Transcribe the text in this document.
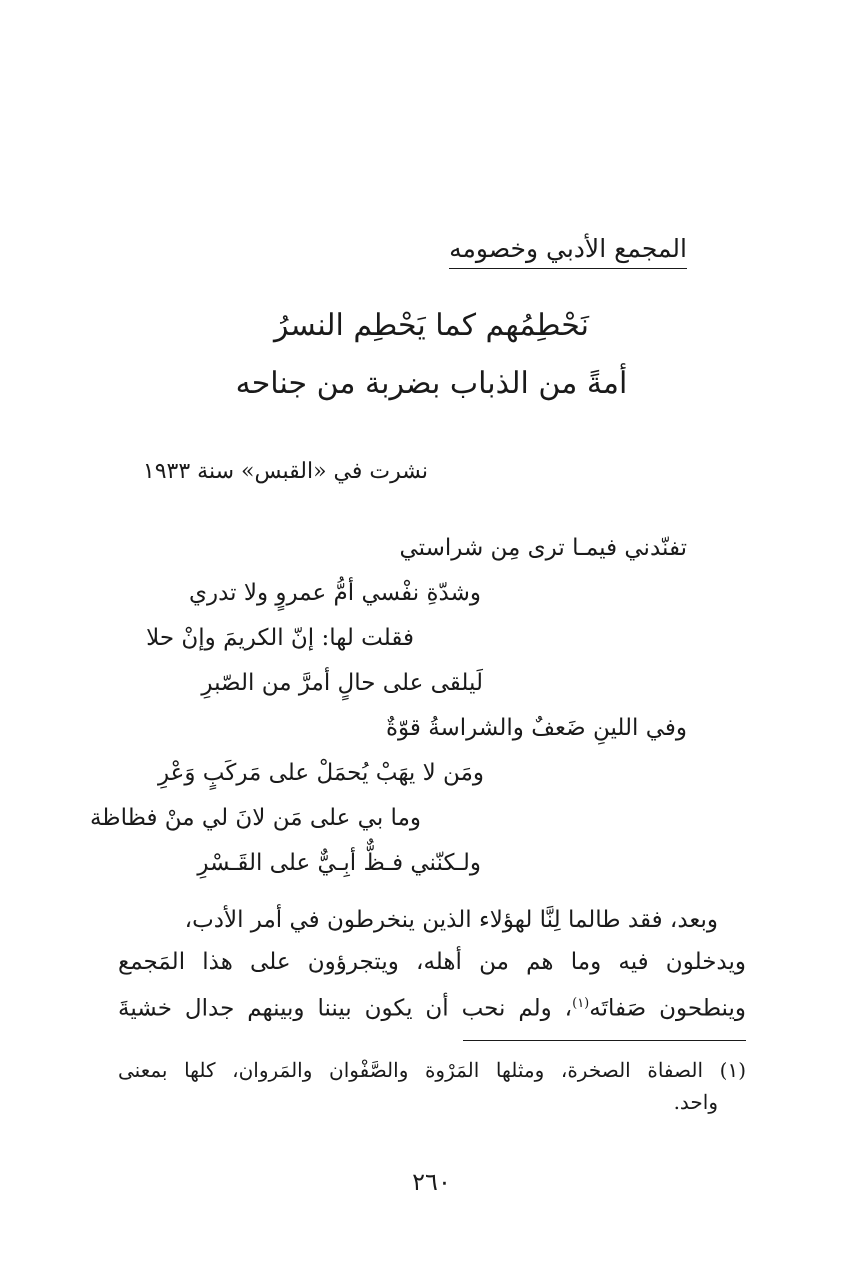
المجمع الأدبي وخصومه
نَحْطِمُهم كما يَحْطِم النسرُ
أمةً من الذباب بضربة من جناحه
نشرت في «القبس» سنة ١٩٣٣
تفنّدني فيمـا ترى مِن شراستي
وشدّةِ نفْسي أمُّ عمروٍ ولا تدري
فقلت لها: إنّ الكريمَ وإنْ حلا
لَيلقى على حالٍ أمرَّ من الصّبرِ
وفي اللينِ ضَعفٌ والشراسةُ قوّةٌ
ومَن لا يهَبْ يُحمَلْ على مَركَبٍ وَعْرِ
وما بي على مَن لانَ لي منْ فظاظة
ولـكنّني فـظٌّ أبِـيٌّ على القَـسْرِ
وبعد، فقد طالما لِنَّا لهؤلاء الذين ينخرطون في أمر الأدب،
ويدخلون فيه وما هم من أهله، ويتجرؤون على هذا المَجمع
وينطحون صَفاتَه$^{(١)}$، ولم نحب أن يكون بيننا وبينهم جدال خشيةَ
(١) الصفاة الصخرة، ومثلها المَرْوة والصَّفْوان والمَروان، كلها بمعنى
واحد.
٢٦٠
